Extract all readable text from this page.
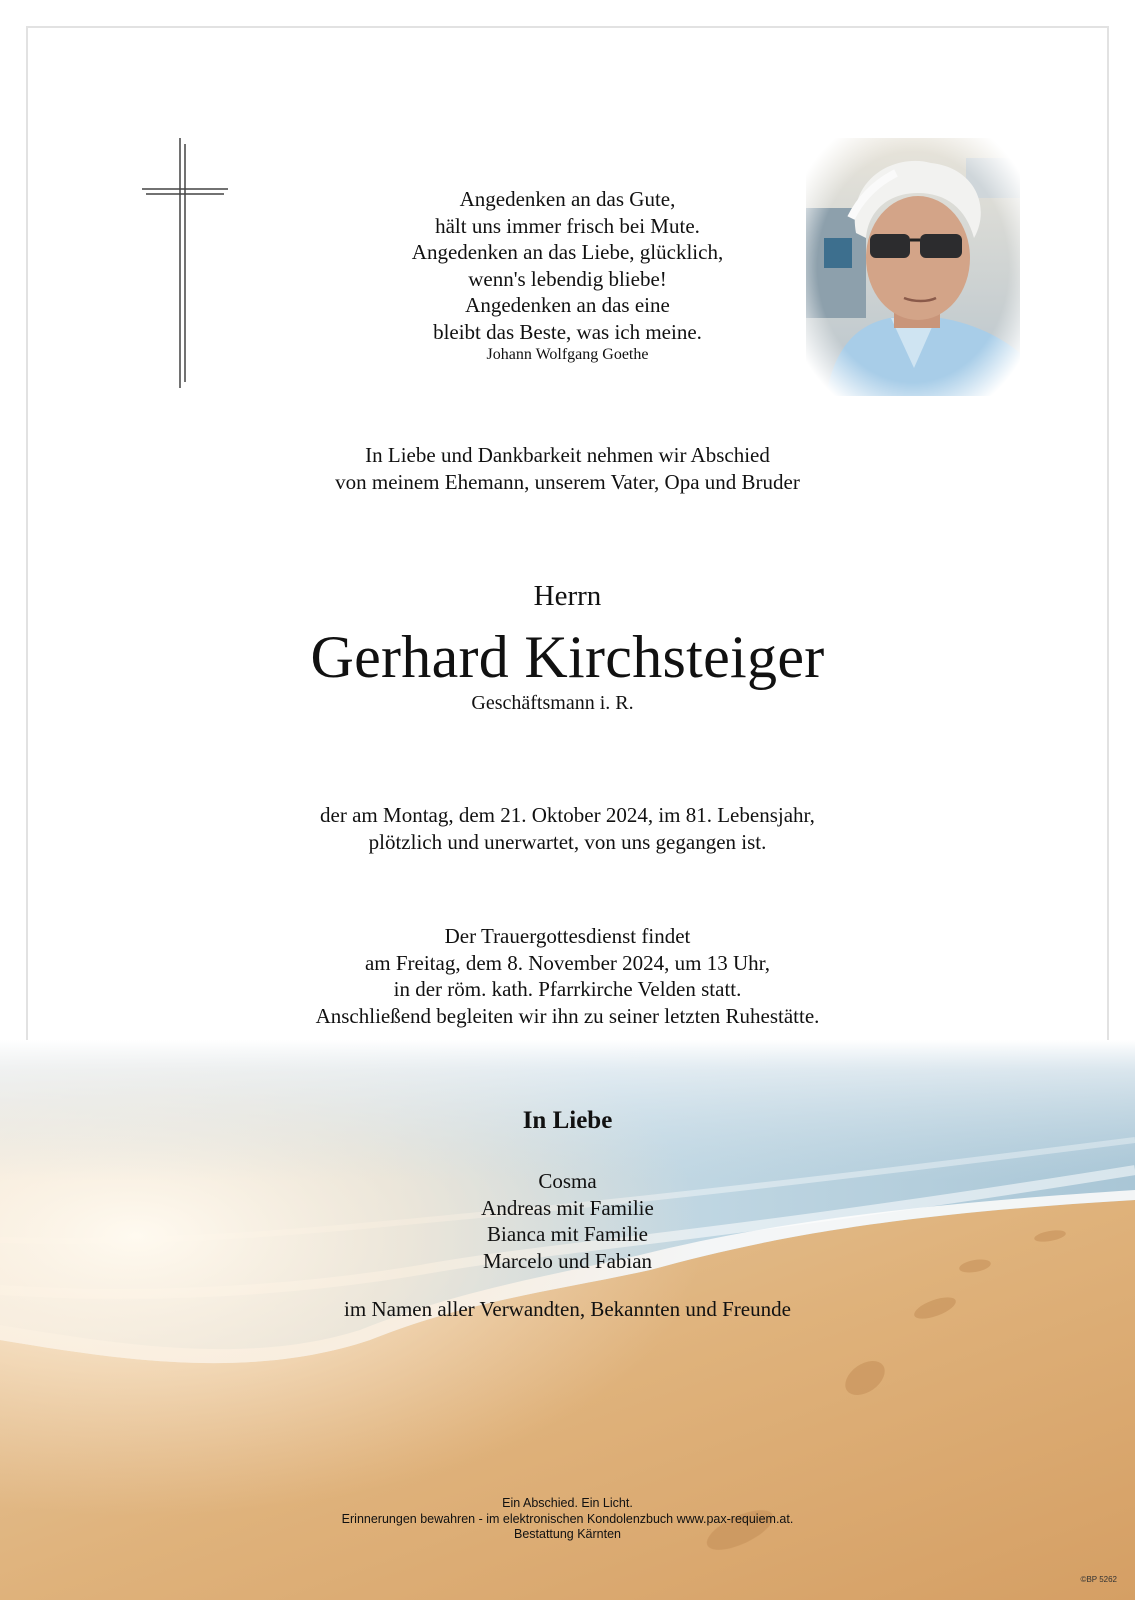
Angedenken an das Gute,
hält uns immer frisch bei Mute.
Angedenken an das Liebe, glücklich,
wenn's lebendig bliebe!
Angedenken an das eine
bleibt das Beste, was ich meine.
Johann Wolfgang Goethe
In Liebe und Dankbarkeit nehmen wir Abschied
von meinem Ehemann, unserem Vater, Opa und Bruder
Herrn
Gerhard Kirchsteiger
Geschäftsmann i. R.
der am Montag, dem 21. Oktober 2024, im 81. Lebensjahr,
plötzlich und unerwartet, von uns gegangen ist.
Der Trauergottesdienst findet
am Freitag, dem 8. November 2024, um 13 Uhr,
in der röm. kath. Pfarrkirche Velden statt.
Anschließend begleiten wir ihn zu seiner letzten Ruhestätte.
In Liebe
Cosma
Andreas mit Familie
Bianca mit Familie
Marcelo und Fabian
im Namen aller Verwandten, Bekannten und Freunde
Ein Abschied. Ein Licht.
Erinnerungen bewahren - im elektronischen Kondolenzbuch www.pax-requiem.at.
Bestattung Kärnten
©BP 5262
